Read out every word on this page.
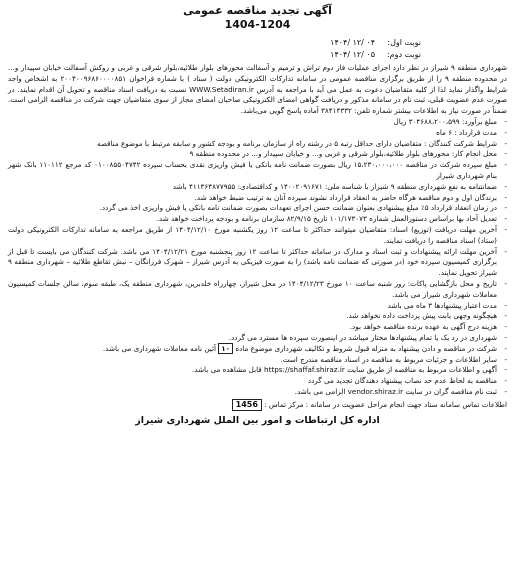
آگهی تجدید مناقصه عمومی
1404-1204
نوبت اول:
۱۴۰۴/ ۱۲/ ۰۴
نوبت دوم:
۱۴۰۴/ ۱۲/ ۰۵

شهرداری منطقه ۹ شیراز در نظر دارد اجرای عملیات فاز دوم تراش و ترمیم و آسفالت محورهای بلوار طلائیه،بلوار شرقی و غربی و روکش آسفالت خیابان سپیدار و... در محدوده منطقه ۹ را از طریق برگزاری مناقصه عمومی در سامانه تدارکات الکترونیکی دولت ( ستاد ) با شماره فراخوان ۲۰۰۴۰۰۹۶۸۶۰۰۰۰۸۵۱ به اشخاص واجد شرایط واگذار نماید لذا از کلیه متقاضیان دعوت به عمل می آید با مراجعه به آدرس WWW.Setadiran.ir نسبت به دریافت اسناد مناقصه و تحویل آن اقدام نمایند. در صورت عدم عضویت قبلی، ثبت نام در سامانه مذکور و دریافت گواهی امضای الکترونیکی صاحبان امضای مجاز از سوی متقاضیان جهت شرکت در مناقصه الزامی است. ضمناً در صورت نیاز به اطلاعات بیشتر شماره تلفن: ۳۸۴۱۴۳۳۲ آماده پاسخ گویی می‌باشد.

-
مبلغ برآورد: ۳۰۴۶۸۸،۲۰۰،۵۹۹ ریال
-
مدت قرارداد : ۶ ماه
-
شرایط شرکت کنندگان : متقاضیان دارای حداقل رتبه ۵ در رشته راه از سازمان برنامه و بودجه کشور و سابقه مرتبط با موضوع مناقصه
-
محل انجام کار: محورهای بلوار طلائیه،بلوار شرقی و غربی و... و خیابان سپیدار و... در محدوده منطقه ۹
-
مبلغ سپرده شرکت در مناقصه ۱۵،۲۳۰،۰۰۰،۰۰۰ ریال بصورت ضمانت نامه بانکی یا فیش واریزی نقدی بحساب سپرده ۰۱۰۰۸۵۵۰۴۷۴۲ کد مرجع ۱۱۰۱۱۲ بانک شهر بنام شهرداری شیراز
-
ضمانتنامه به نفع شهرداری منطقه ۹ شیراز با شناسه ملی: ۱۴۰۰۲۰۹۱۶۷۱ و کداقتصادی: ۴۱۱۳۶۴۸۷۷۹۵۵ باشد
-
برندگان اول و دوم مناقصه هرگاه حاضر به انعقاد قرارداد نشوند سپرده آنان به ترتیب ضبط خواهد شد.
-
در زمان انعقاد قرارداد ۵٪ مبلغ پیشنهادی بعنوان ضمانت حسن اجرای تعهدات بصورت ضمانت نامه بانکی یا فیش واریزی اخذ می گردد.
-
تعدیل آحاد بها براساس دستورالعمل شماره ۱۰۱/۱۷۳۰۷۳ تاریخ ۸۲/۹/۱۵ سازمان برنامه و بودجه پرداخت خواهد شد.
-
آخرین مهلت دریافت (توزیع) اسناد: متقاضیان میتوانند حداکثر تا ساعت ۱۲ روز یکشنبه مورخ ۱۴۰۴/۱۲/۱۰ از طریق مراجعه به سامانه تدارکات الکترونیکی دولت (ستاد) اسناد مناقصه را دریافت نمایند.
-
آخرین مهلت ارائه پیشنهادات و ثبت اسناد و مدارک در سامانه حداکثر تا ساعت ۱۲ روز پنجشنبه مورخ ۱۴۰۴/۱۲/۲۱ می باشد. شرکت کنندگان می بایست تا قبل از برگزاری کمیسیون سپرده خود (در صورتی که ضمانت نامه باشد) را به صورت فیزیکی به آدرس شیراز – شهرک فرزانگان – نبش تقاطع طلائیه – شهرداری منطقه ۹ شیراز تحویل نمایند.
-
تاریخ و محل بازگشایی پاکات: روز شنبه ساعت ۱۰ مورخ ۱۴۰۴/۱۲/۲۳ در محل شیراز، چهارراه خلدبرین، شهرداری منطقه یک، طبقه سوم، سالن جلسات کمیسیون معاملات شهرداری شیراز می باشد.
-
مدت اعتبار پیشنهادها ۳ ماه می باشد
-
هیچگونه وجهی بابت پیش پرداخت داده نخواهد شد.
-
هزینه درج آگهی به عهده برنده مناقصه خواهد بود.
-
شهرداری در رد یک یا تمام پیشنهادها مختار میباشد در اینصورت سپرده ها مسترد می گردد.
-
شرکت در مناقصه و دادن پیشنهاد به منزله قبول شروط و تکالیف شهرداری موضوع ماده ۱۰ آئین نامه معاملات شهرداری می باشد.
-
سایر اطلاعات و جزئیات مربوط به مناقصه در اسناد مناقصه مندرج است.
-
آگهی و اطلاعات مربوط به مناقصه از طریق سایت https://shaffaf.shiraz.ir قابل مشاهده می باشد.
-
مناقصه به لحاظ عدم حد نصاب پیشنهاد دهندگان تجدید می گردد
-
ثبت نام مناقصه گران در سایت vendor.shiraz.ir الزامی می باشد.
اطلاعات تماس سامانه ستاد جهت انجام مراحل عضویت در سامانه : مرکز تماس : 1456
اداره کل ارتباطات و امور بین الملل شهرداری شیراز
